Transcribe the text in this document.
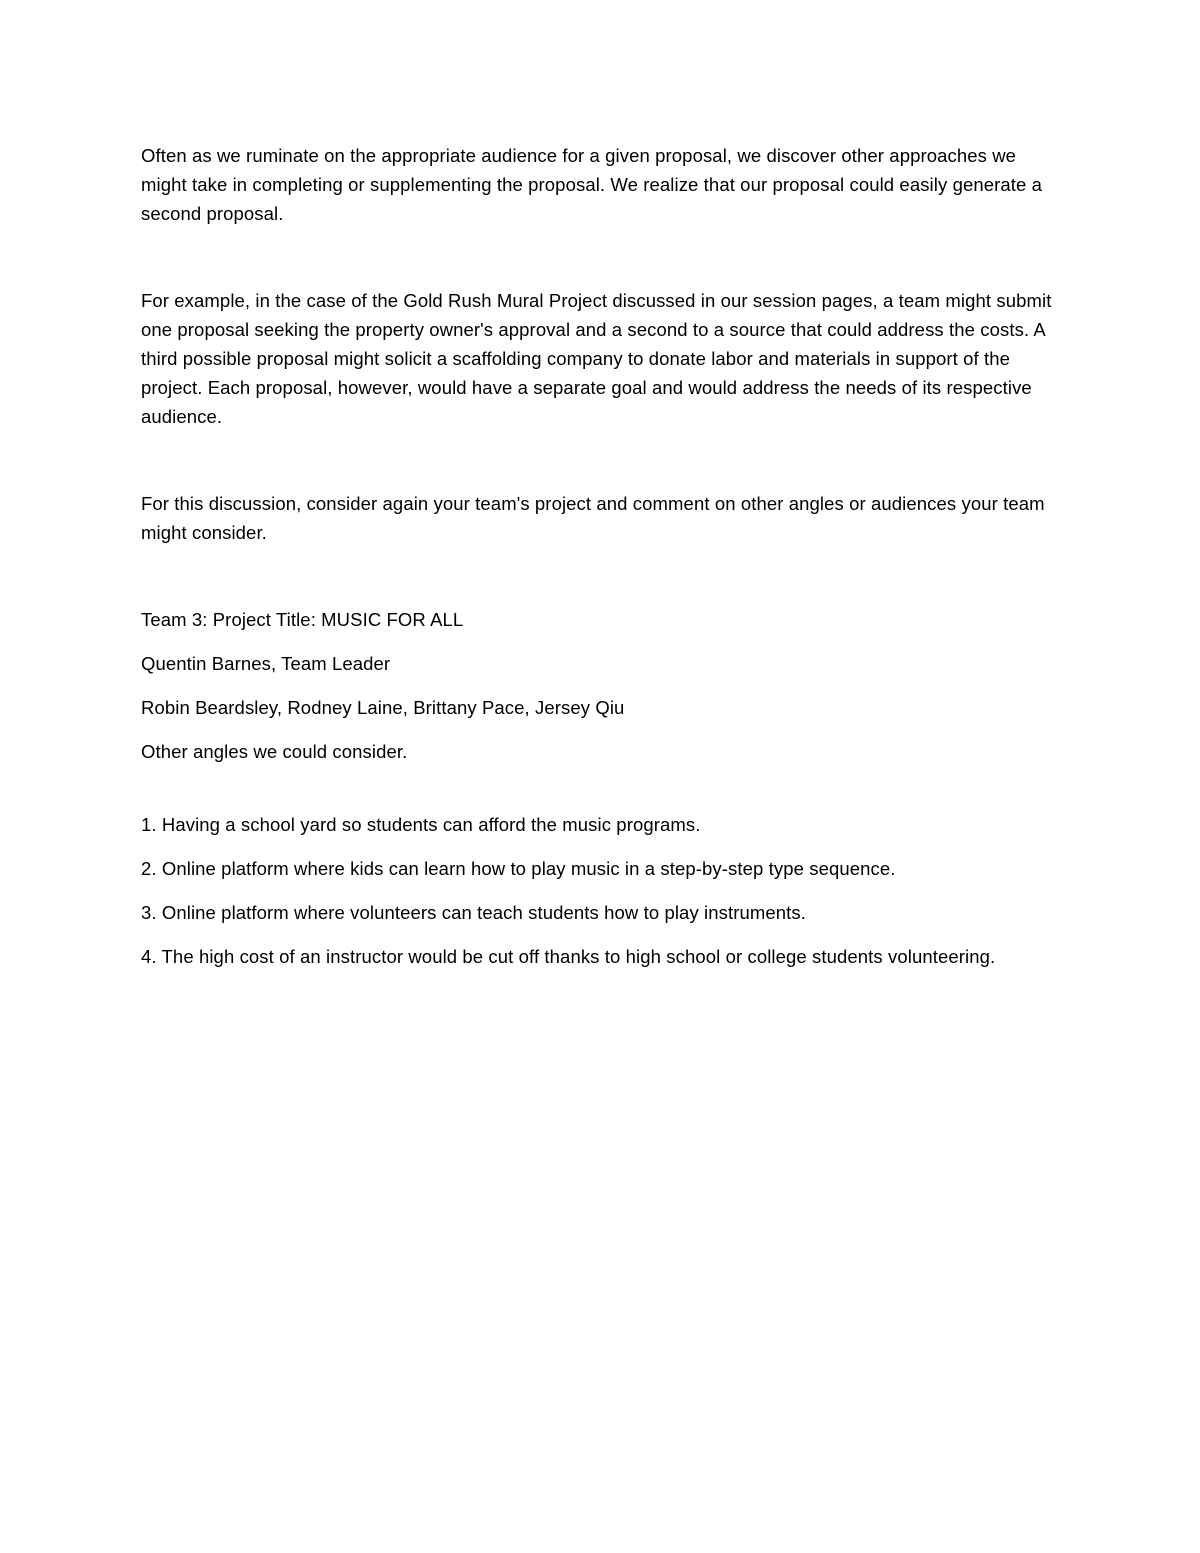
Often as we ruminate on the appropriate audience for a given proposal, we discover other approaches we might take in completing or supplementing the proposal. We realize that our proposal could easily generate a second proposal.

For example, in the case of the Gold Rush Mural Project discussed in our session pages, a team might submit one proposal seeking the property owner's approval and a second to a source that could address the costs. A third possible proposal might solicit a scaffolding company to donate labor and materials in support of the project. Each proposal, however, would have a separate goal and would address the needs of its respective audience.

For this discussion, consider again your team's project and comment on other angles or audiences your team might consider.

Team 3: Project Title: MUSIC FOR ALL

Quentin Barnes, Team Leader

Robin Beardsley, Rodney Laine, Brittany Pace, Jersey Qiu

Other angles we could consider.

1. Having a school yard so students can afford the music programs.
2. Online platform where kids can learn how to play music in a step-by-step type sequence.
3. Online platform where volunteers can teach students how to play instruments.
4. The high cost of an instructor would be cut off thanks to high school or college students volunteering.
